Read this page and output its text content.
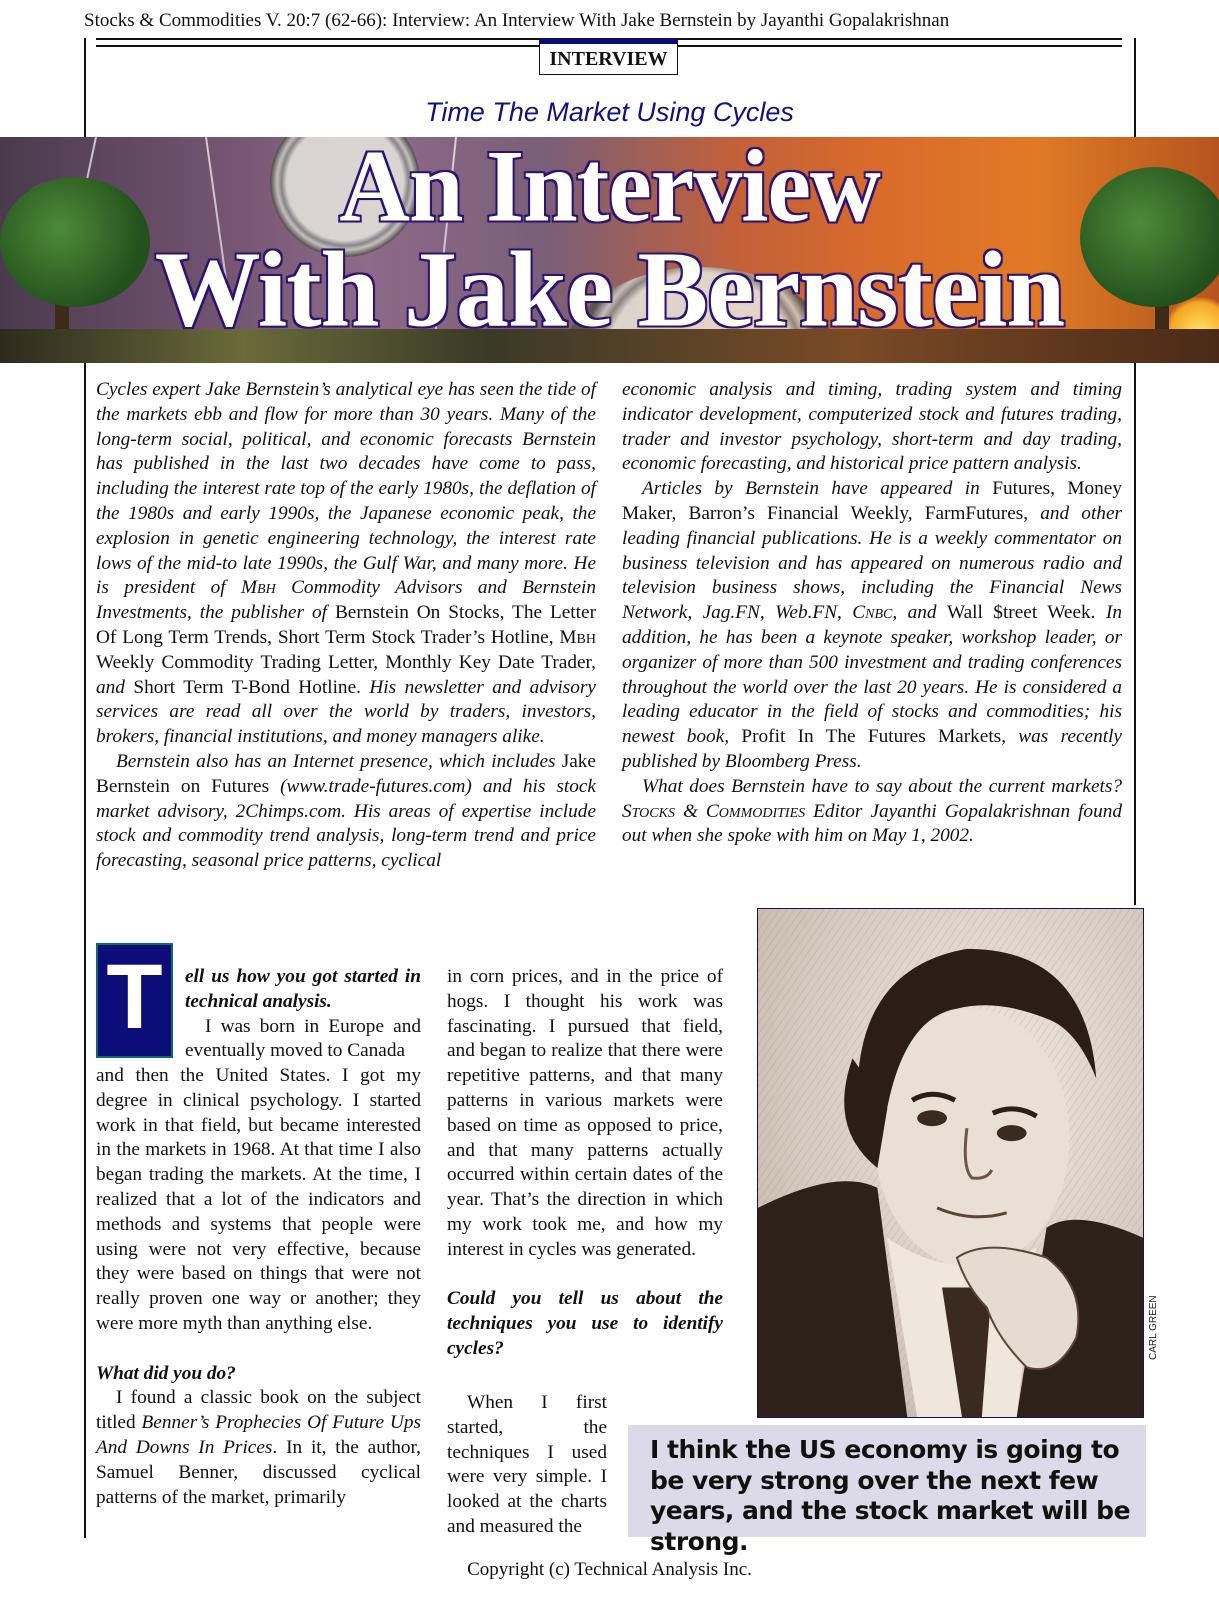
Stocks & Commodities V. 20:7 (62-66): Interview: An Interview With Jake Bernstein by Jayanthi Gopalakrishnan
INTERVIEW
Time The Market Using Cycles
An Interview
With Jake Bernstein

Cycles expert Jake Bernstein’s analytical eye has seen the tide of the markets ebb and flow for more than 30 years. Many of the long-term social, political, and economic forecasts Bernstein has published in the last two decades have come to pass, including the interest rate top of the early 1980s, the deflation of the 1980s and early 1990s, the Japanese economic peak, the explosion in genetic engineering technology, the interest rate lows of the mid-to late 1990s, the Gulf War, and many more. He is president of Mbh Commodity Advisors and Bernstein Investments, the publisher of Bernstein On Stocks, The Letter Of Long Term Trends, Short Term Stock Trader’s Hotline, Mbh Weekly Commodity Trading Letter, Monthly Key Date Trader, and Short Term T-Bond Hotline. His newsletter and advisory services are read all over the world by traders, investors, brokers, financial institutions, and money managers alike.

Bernstein also has an Internet presence, which includes Jake Bernstein on Futures (www.trade-futures.com) and his stock market advisory, 2Chimps.com. His areas of expertise include stock and commodity trend analysis, long-term trend and price forecasting, seasonal price patterns, cyclical

economic analysis and timing, trading system and timing indicator development, computerized stock and futures trading, trader and investor psychology, short-term and day trading, economic forecasting, and historical price pattern analysis.

Articles by Bernstein have appeared in Futures, Money Maker, Barron’s Financial Weekly, FarmFutures, and other leading financial publications. He is a weekly commentator on business television and has appeared on numerous radio and television business shows, including the Financial News Network, Jag.FN, Web.FN, Cnbc, and Wall $treet Week. In addition, he has been a keynote speaker, workshop leader, or organizer of more than 500 investment and trading conferences throughout the world over the last 20 years. He is considered a leading educator in the field of stocks and commodities; his newest book, Profit In The Futures Markets, was recently published by Bloomberg Press.

What does Bernstein have to say about the current markets? Stocks & Commodities Editor Jayanthi Gopalakrishnan found out when she spoke with him on May 1, 2002.

T	ell us how you got started in technical analysis.

I was born in Europe and eventually moved to Canada

and then the United States. I got my degree in clinical psychology. I started work in that field, but became interested in the markets in 1968. At that time I also began trading the markets. At the time, I realized that a lot of the indicators and methods and systems that people were using were not very effective, because they were based on things that were not really proven one way or another; they were more myth than anything else.

What did you do?

I found a classic book on the subject titled Benner’s Prophecies Of Future Ups And Downs In Prices. In it, the author, Samuel Benner, discussed cyclical patterns of the market, primarily

in corn prices, and in the price of hogs. I thought his work was fascinating. I pursued that field, and began to realize that there were repetitive patterns, and that many patterns in various markets were based on time as opposed to price, and that many patterns actually occurred within certain dates of the year. That’s the direction in which my work took me, and how my interest in cycles was generated.

Could you tell us about the techniques you use to identify cycles?

When I first started, the techniques I used were very simple. I looked at the charts and measured the

CARL GREEN
I think the US economy is going to be very strong over the next few years, and the stock market will be strong.
Copyright (c) Technical Analysis Inc.
